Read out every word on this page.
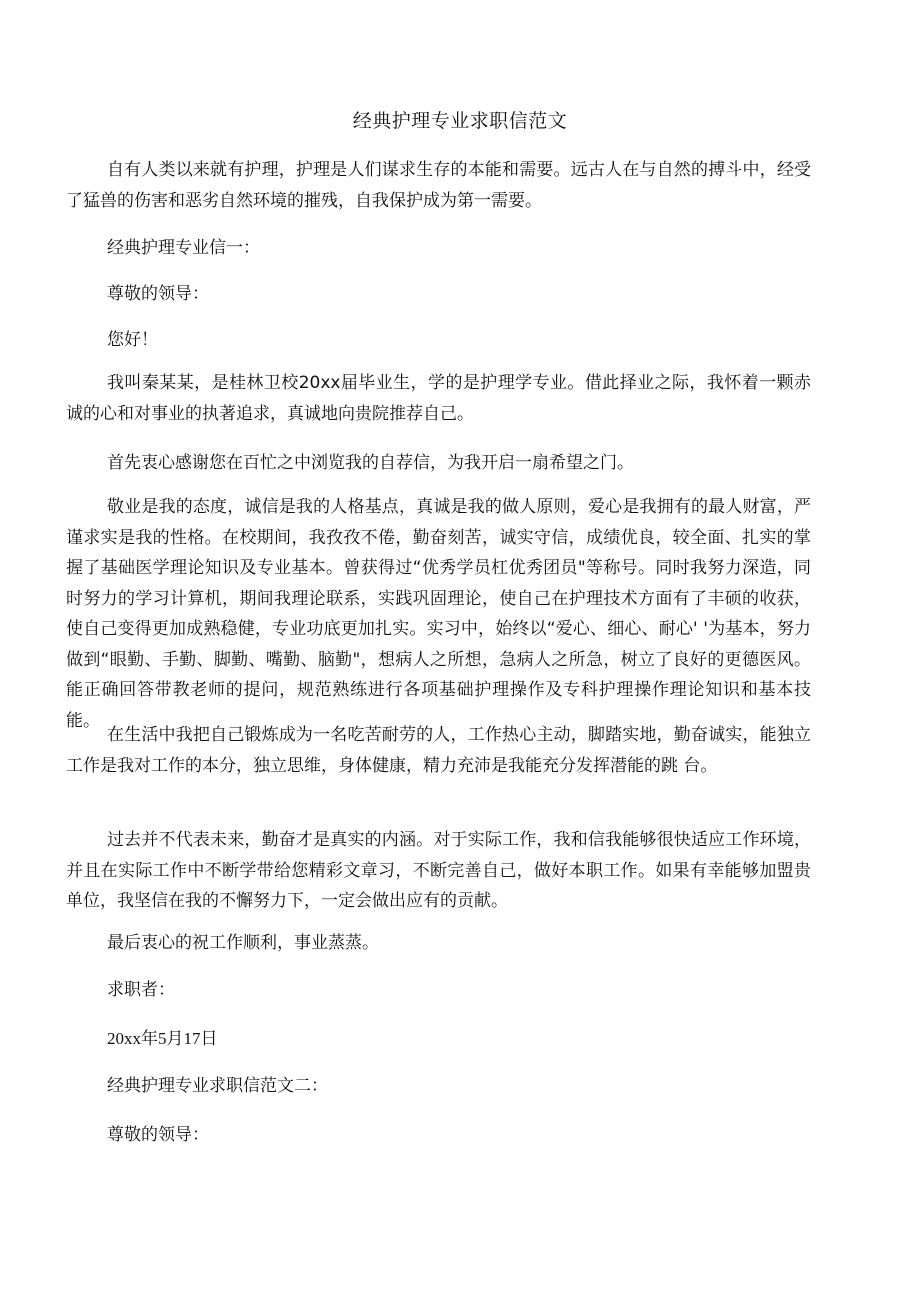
经典护理专业求职信范文

自有人类以来就有护理，护理是人们谋求生存的本能和需要。远古人在与自然的搏斗中，经受了猛兽的伤害和恶劣自然环境的摧残，自我保护成为第一需要。

经典护理专业信一：
尊敬的领导：
您好！

我叫秦某某，是桂林卫校20xx届毕业生，学的是护理学专业。借此择业之际，我怀着一颗赤诚的心和对事业的执著追求，真诚地向贵院推荐自己。

首先衷心感谢您在百忙之中浏览我的自荐信，为我开启一扇希望之门。

敬业是我的态度，诚信是我的人格基点，真诚是我的做人原则，爱心是我拥有的最人财富，严谨求实是我的性格。在校期间，我孜孜不倦，勤奋刻苦，诚实守信，成绩优良，较全面、扎实的掌握了基础医学理论知识及专业基本。曾获得过“优秀学员杠优秀团员"等称号。同时我努力深造，同时努力的学习计算机，期间我理论联系，实践巩固理论，使自己在护理技术方面有了丰硕的收获，使自己变得更加成熟稳健，专业功底更加扎实。实习中，始终以“爱心、细心、耐心' '为基本，努力做到“眼勤、手勤、脚勤、嘴勤、脑勤"，想病人之所想，急病人之所急，树立了良好的更德医风。能正确回答带教老师的提问，规范熟练进行各项基础护理操作及专科护理操作理论知识和基本技能。

在生活中我把自己锻炼成为一名吃苦耐劳的人，工作热心主动，脚踏实地，勤奋诚实，能独立工作是我对工作的本分，独立思维，身体健康，精力充沛是我能充分发挥潜能的跳 台。

过去并不代表未来，勤奋才是真实的内涵。对于实际工作，我和信我能够很快适应工作环境，并且在实际工作中不断学带给您精彩文章习，不断完善自己，做好本职工作。如果有幸能够加盟贵单位，我坚信在我的不懈努力下，一定会做出应有的贡献。

最后衷心的祝工作顺利，事业蒸蒸。
求职者：
20xx年5月17日
经典护理专业求职信范文二：
尊敬的领导：
